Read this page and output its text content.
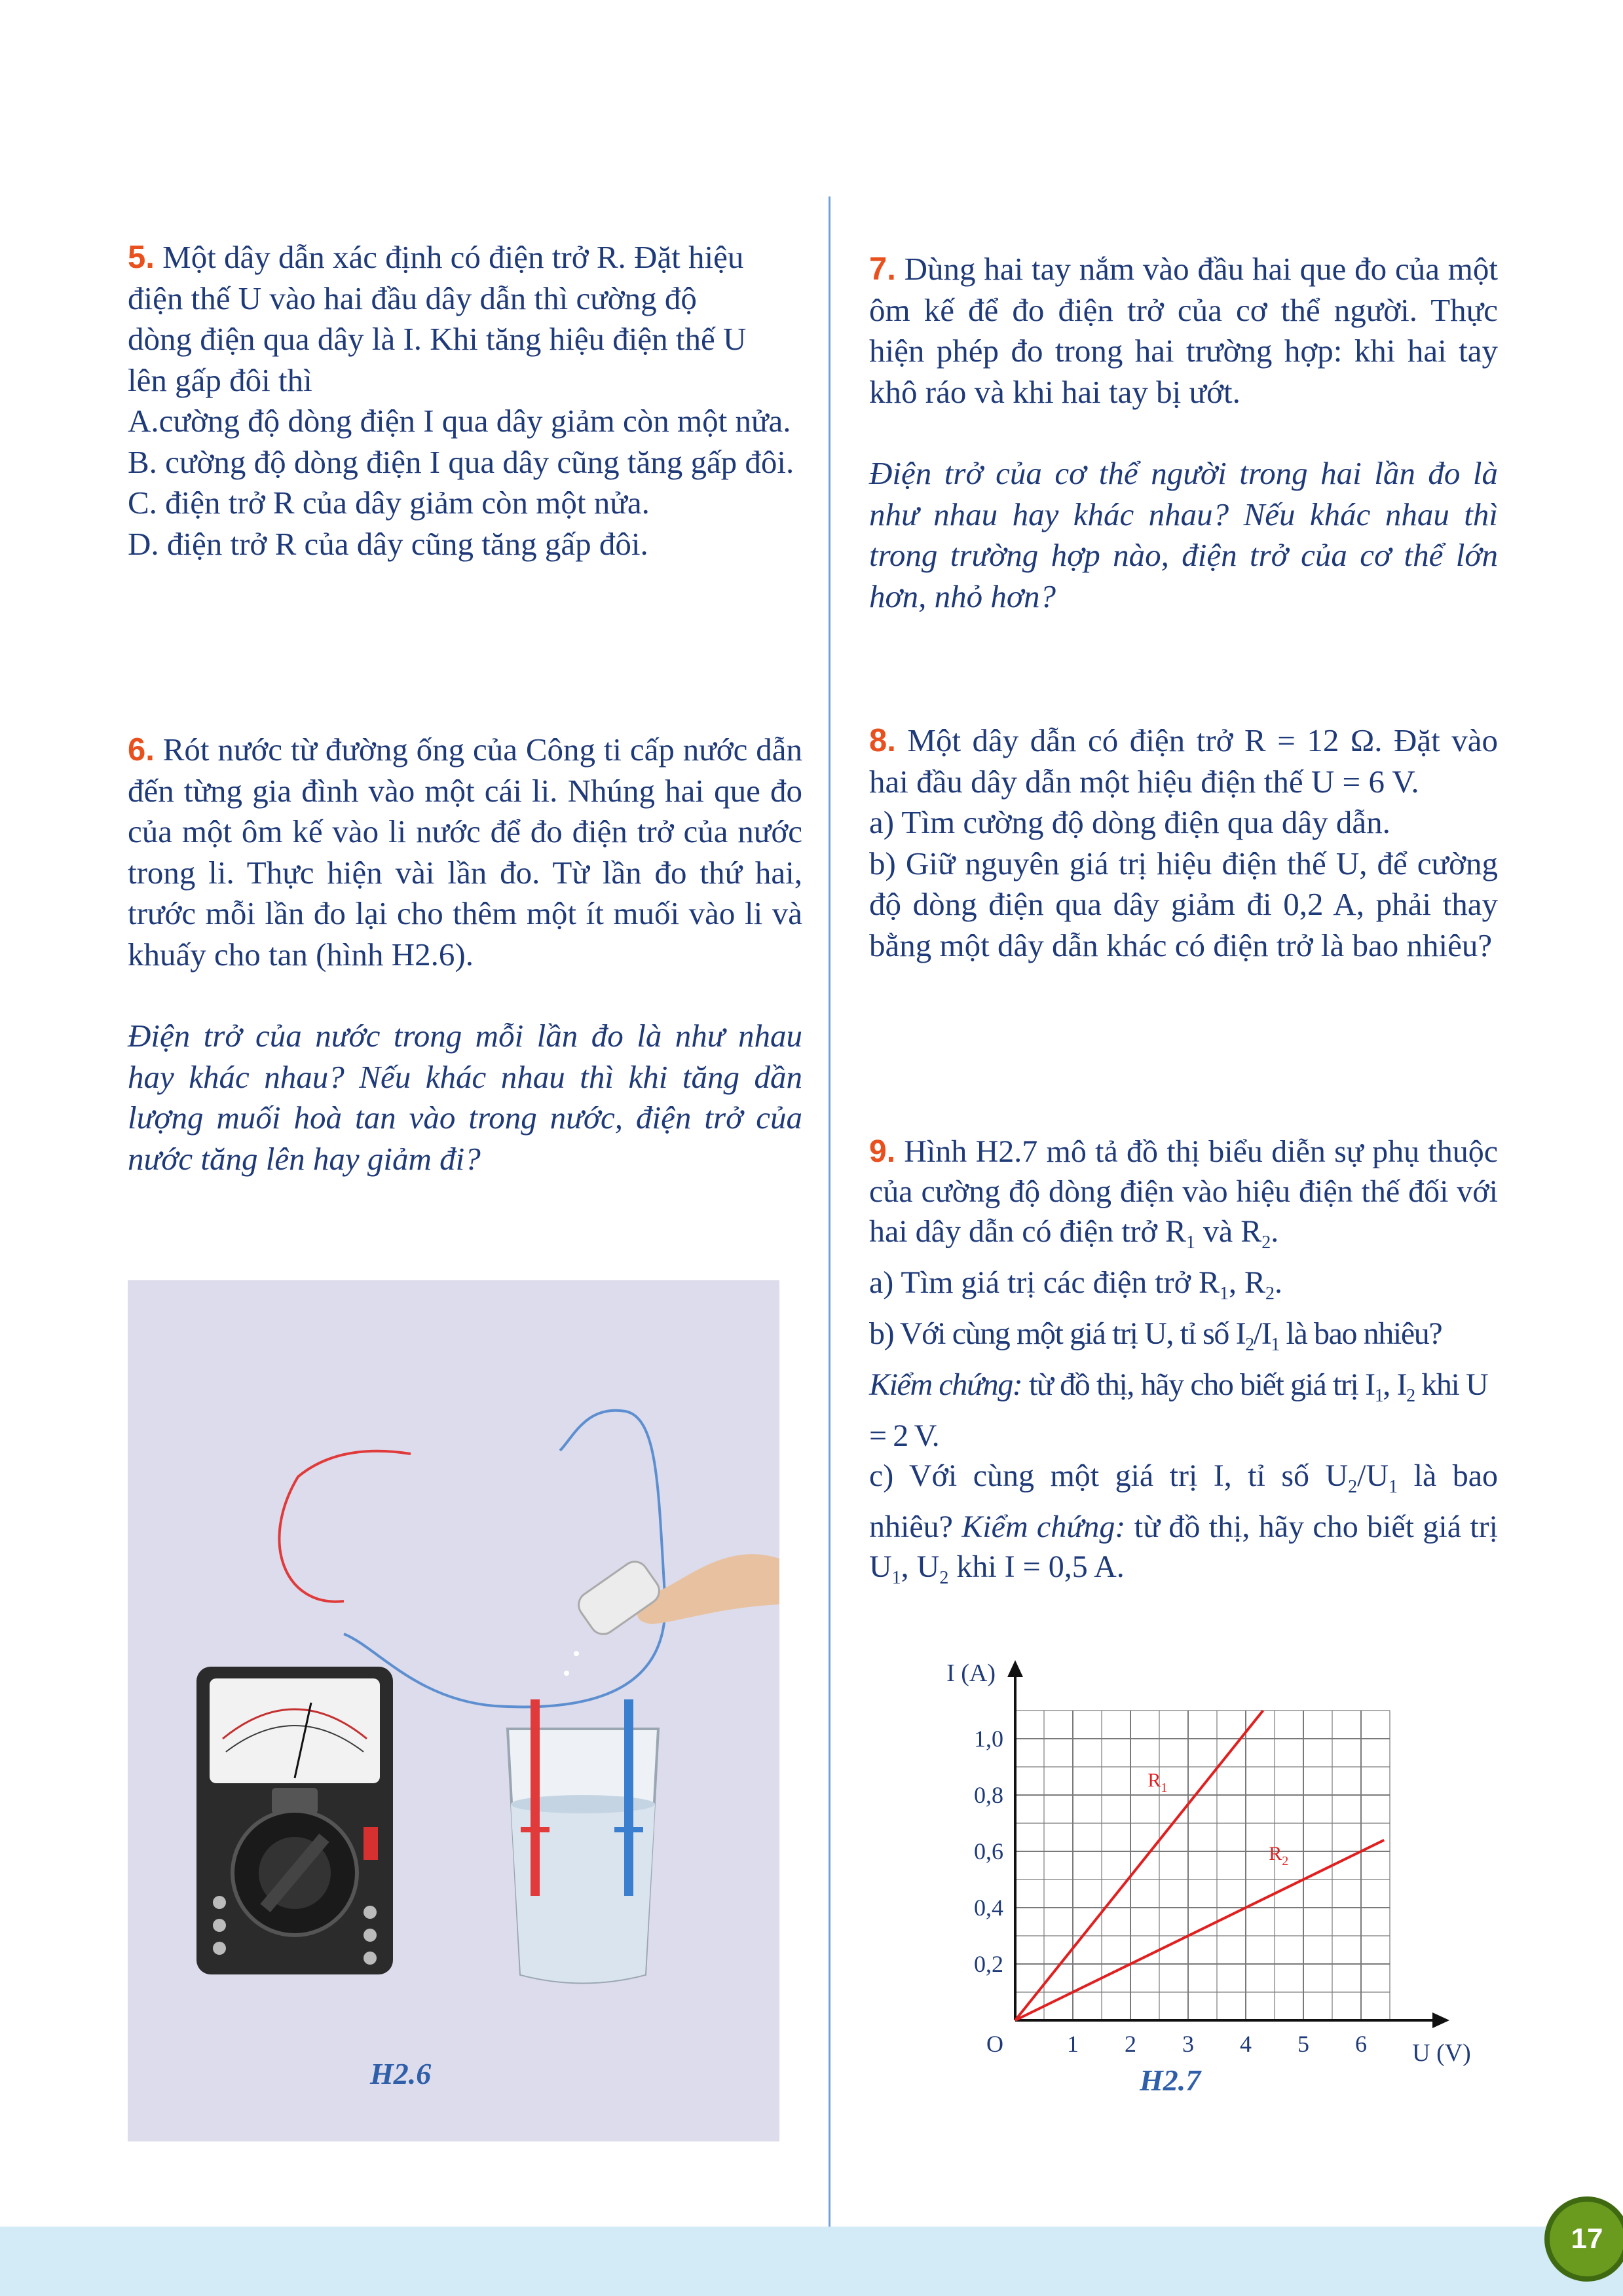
5. Một dây dẫn xác định có điện trở R. Đặt hiệu

điện thế U vào hai đầu dây dẫn thì cường độ

dòng điện qua dây là I. Khi tăng hiệu điện thế U

lên gấp đôi thì

A.cường độ dòng điện I qua dây giảm còn một nửa.

B. cường độ dòng điện I qua dây cũng tăng gấp đôi.

C. điện trở R của dây giảm còn một nửa.

D. điện trở R của dây cũng tăng gấp đôi.

6. Rót nước từ đường ống của Công ti cấp nước dẫn đến từng gia đình vào một cái li. Nhúng hai que đo của một ôm kế vào li nước để đo điện trở của nước trong li. Thực hiện vài lần đo. Từ lần đo thứ hai, trước mỗi lần đo lại cho thêm một ít muối vào li và khuấy cho tan (hình H2.6).

Điện trở của nước trong mỗi lần đo là như nhau hay khác nhau? Nếu khác nhau thì khi tăng dần lượng muối hoà tan vào trong nước, điện trở của nước tăng lên hay giảm đi?

H2.6

7. Dùng hai tay nắm vào đầu hai que đo của một ôm kế để đo điện trở của cơ thể người. Thực hiện phép đo trong hai trường hợp: khi hai tay khô ráo và khi hai tay bị ướt.

Điện trở của cơ thể người trong hai lần đo là như nhau hay khác nhau? Nếu khác nhau thì trong trường hợp nào, điện trở của cơ thể lớn hơn, nhỏ hơn?

8. Một dây dẫn có điện trở R = 12 Ω. Đặt vào hai đầu dây dẫn một hiệu điện thế U = 6 V.

a) Tìm cường độ dòng điện qua dây dẫn.

b) Giữ nguyên giá trị hiệu điện thế U, để cường độ dòng điện qua dây giảm đi 0,2 A, phải thay bằng một dây dẫn khác có điện trở là bao nhiêu?

9. Hình H2.7 mô tả đồ thị biểu diễn sự phụ thuộc của cường độ dòng điện vào hiệu điện thế đối với hai dây dẫn có điện trở $R_1$ và $R_2$.

a) Tìm giá trị các điện trở $R_1$, $R_2$.

b) Với cùng một giá trị U, tỉ số $I_2/I_1$ là bao nhiêu?
Kiểm chứng: từ đồ thị, hãy cho biết giá trị $I_1$, $I_2$ khi U = 2 V.

c) Với cùng một giá trị I, tỉ số $U_2/U_1$ là bao nhiêu? Kiểm chứng: từ đồ thị, hãy cho biết giá trị $U_1$, $U_2$ khi I = 0,5 A.

1 2 3 4 5 6
0,2
0,4
0,6
0,8
1,0
O
I (A)
U (V)
$R_1$
$R_2$
H2.7
17
